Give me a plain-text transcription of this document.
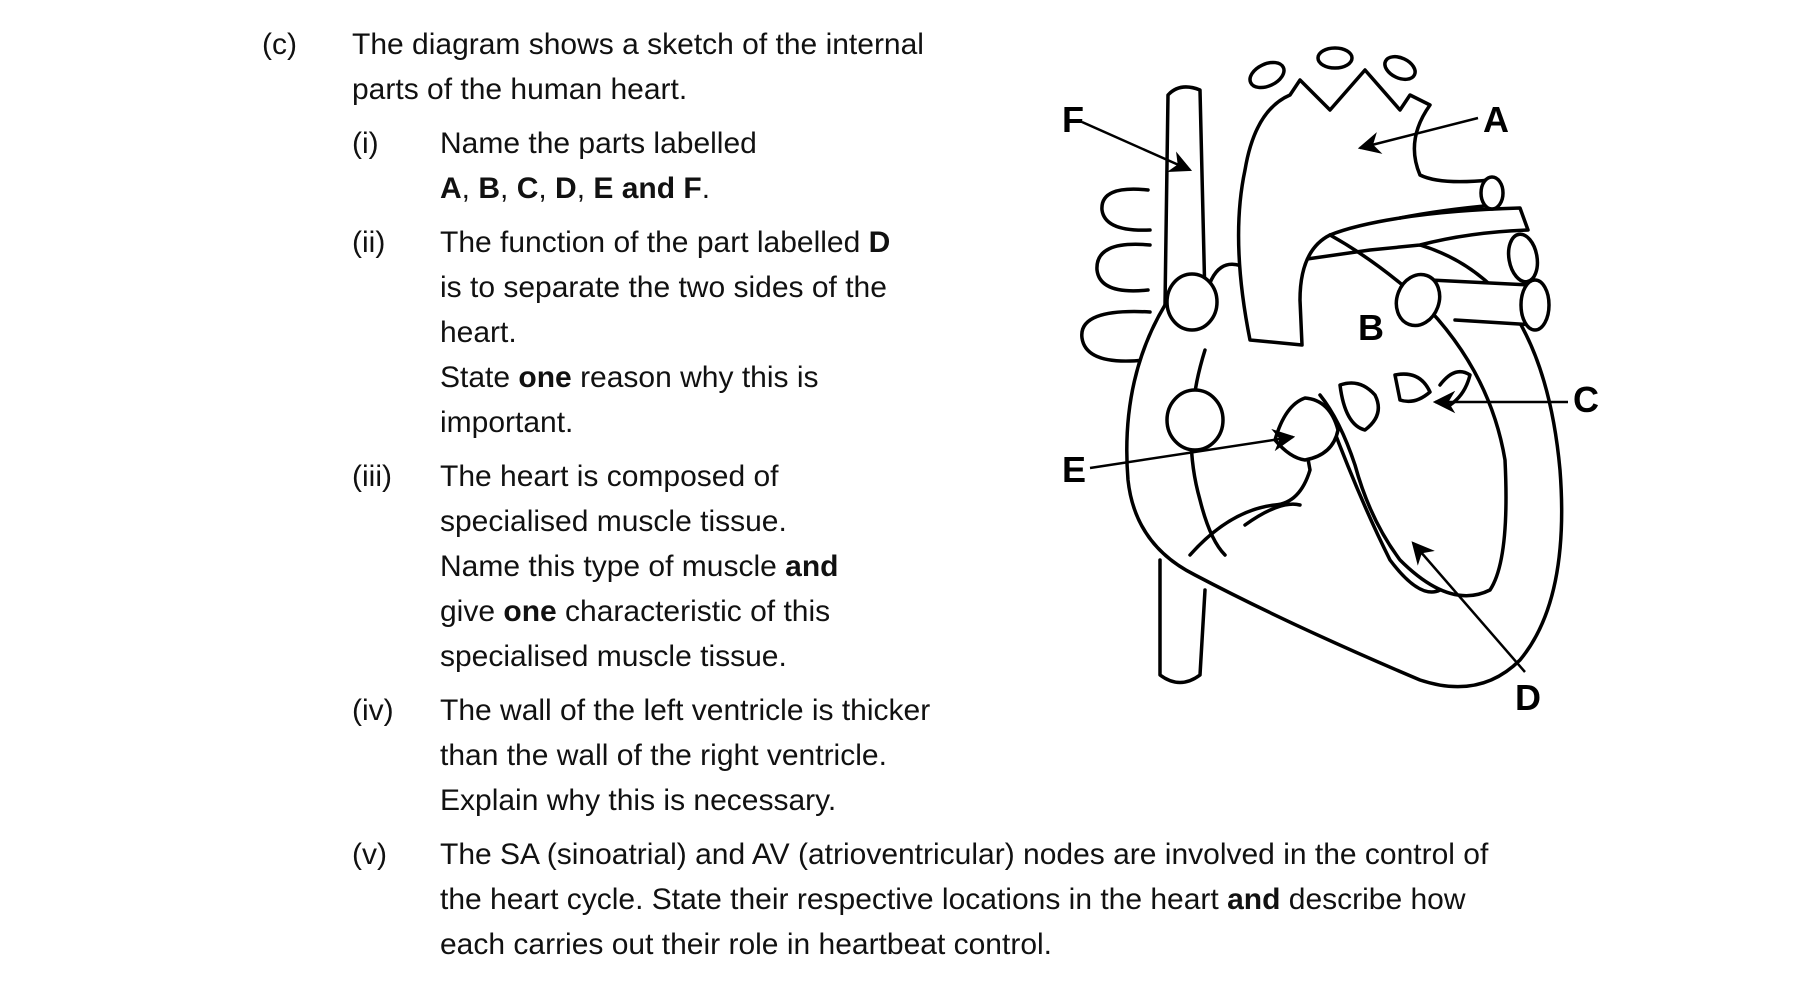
(c) The diagram shows a sketch of the internal
parts of the human heart.
(i) Name the parts labelled
A, B, C, D, E and F.
(ii) The function of the part labelled D
is to separate the two sides of the
heart.
State one reason why this is
important.
(iii) The heart is composed of
specialised muscle tissue.
Name this type of muscle and
give one characteristic of this
specialised muscle tissue.
(iv) The wall of the left ventricle is thicker
than the wall of the right ventricle.
Explain why this is necessary.
(v) The SA (sinoatrial) and AV (atrioventricular) nodes are involved in the control of
the heart cycle. State their respective locations in the heart and describe how
each carries out their role in heartbeat control.
F	A
B
C
E
D
